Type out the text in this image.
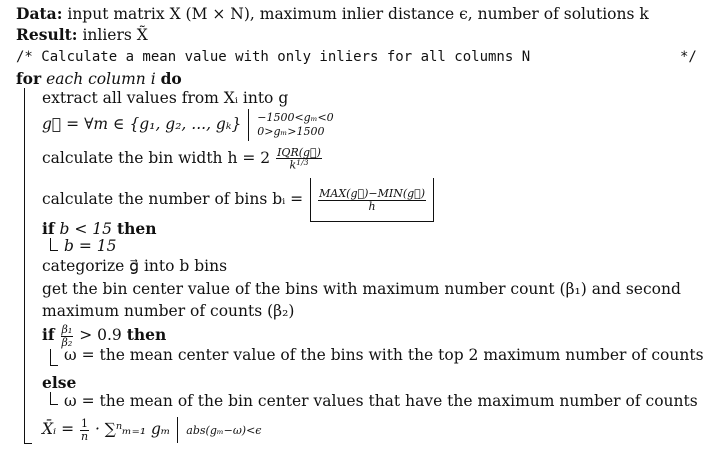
Data: input matrix X (M × N), maximum inlier distance ϵ, number of solutions k
Result: inliers X̃
/* Calculate a mean value with only inliers for all columns N	*/
for each column i do
extract all values from Xᵢ into g
g⃗ = ∀m ∈ {g₁, g₂, ..., gₖ} −1500<gₘ<0
0>gₘ>1500
calculate the bin width $h = 2 \frac{\text{IQR(g⃗)}}{k^{1/3}}$
calculate the number of bins bᵢ = $\frac{\text{MAX(g⃗)−MIN(g⃗)}}{h}$
if b < 15 then
b = 15
categorize g⃗ into b bins
get the bin center value of the bins with maximum number count (β₁) and second
maximum number of counts (β₂)
if $\frac{\text{β₁}}{\text{β₂}} > 0.9$ then
ω = the mean center value of the bins with the top 2 maximum number of counts
else
ω = the mean of the bin center values that have the maximum number of counts
X̄ᵢ = $\frac{1}{n} \cdot \sum^n_{m=1}$ gₘ abs(gₘ−ω)<ϵ
